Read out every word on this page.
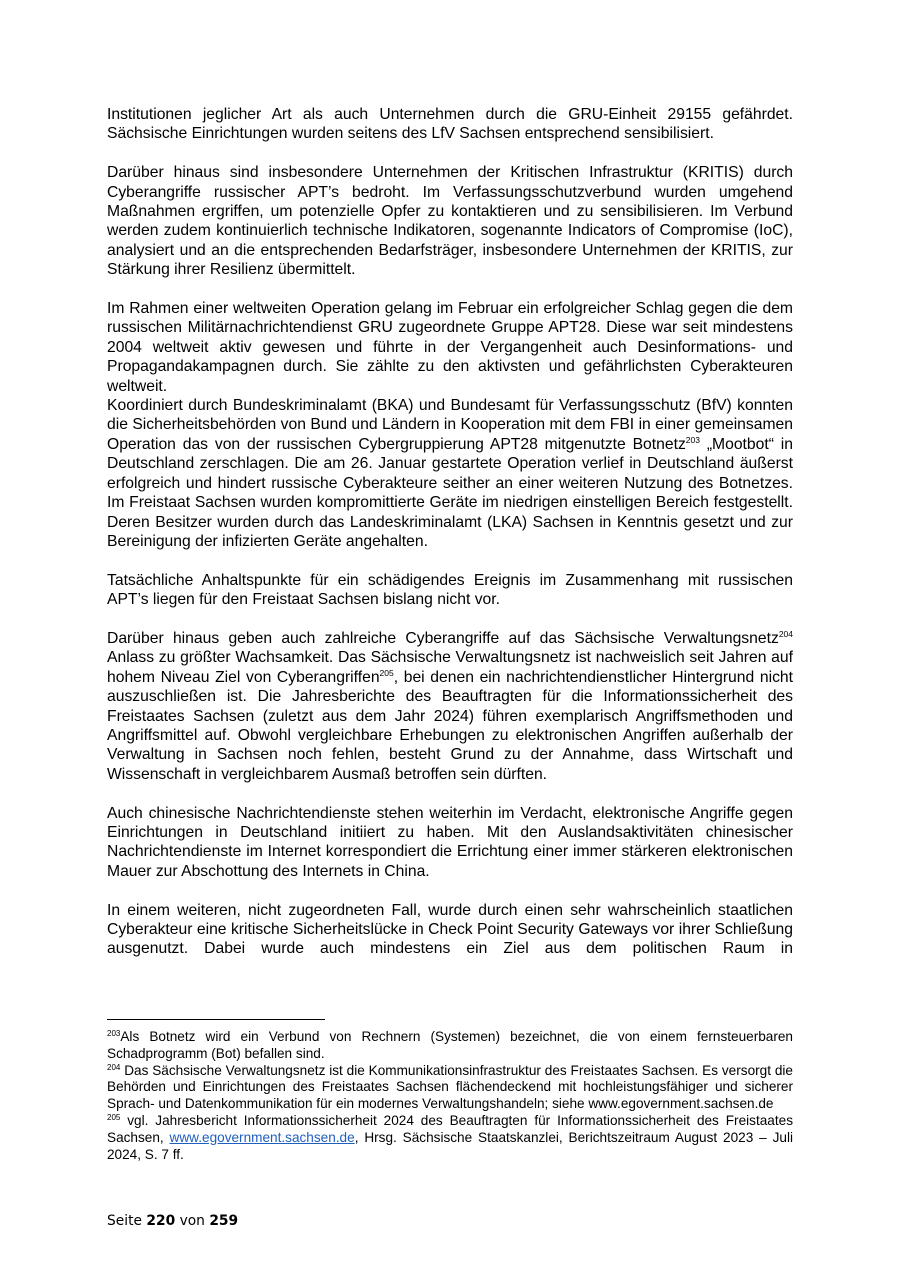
Institutionen jeglicher Art als auch Unternehmen durch die GRU-Einheit 29155 gefährdet. Sächsische Einrichtungen wurden seitens des LfV Sachsen entsprechend sensibilisiert.

Darüber hinaus sind insbesondere Unternehmen der Kritischen Infrastruktur (KRITIS) durch Cyberangriffe russischer APT’s bedroht. Im Verfassungsschutzverbund wurden umgehend Maßnahmen ergriffen, um potenzielle Opfer zu kontaktieren und zu sensibilisieren. Im Verbund werden zudem kontinuierlich technische Indikatoren, sogenannte Indicators of Compromise (IoC), analysiert und an die entsprechenden Bedarfsträger, insbesondere Unternehmen der KRITIS, zur Stärkung ihrer Resilienz übermittelt.

Im Rahmen einer weltweiten Operation gelang im Februar ein erfolgreicher Schlag gegen die dem russischen Militärnachrichtendienst GRU zugeordnete Gruppe APT28. Diese war seit mindestens 2004 weltweit aktiv gewesen und führte in der Vergangenheit auch Desinformations- und Propagandakampagnen durch. Sie zählte zu den aktivsten und gefährlichsten Cyberakteuren weltweit.

Koordiniert durch Bundeskriminalamt (BKA) und Bundesamt für Verfassungsschutz (BfV) konnten die Sicherheitsbehörden von Bund und Ländern in Kooperation mit dem FBI in einer gemeinsamen Operation das von der russischen Cybergruppierung APT28 mitgenutzte Botnetz$^{203}$ „Mootbot“ in Deutschland zerschlagen. Die am 26. Januar gestartete Operation verlief in Deutschland äußerst erfolgreich und hindert russische Cyberakteure seither an einer weiteren Nutzung des Botnetzes. Im Freistaat Sachsen wurden kompromittierte Geräte im niedrigen einstelligen Bereich festgestellt. Deren Besitzer wurden durch das Landeskriminalamt (LKA) Sachsen in Kenntnis gesetzt und zur Bereinigung der infizierten Geräte angehalten.

Tatsächliche Anhaltspunkte für ein schädigendes Ereignis im Zusammenhang mit russischen APT’s liegen für den Freistaat Sachsen bislang nicht vor.

Darüber hinaus geben auch zahlreiche Cyberangriffe auf das Sächsische Verwaltungsnetz$^{204}$ Anlass zu größter Wachsamkeit. Das Sächsische Verwaltungsnetz ist nachweislich seit Jahren auf hohem Niveau Ziel von Cyberangriffen$^{205}$, bei denen ein nachrichtendienstlicher Hintergrund nicht auszuschließen ist. Die Jahresberichte des Beauftragten für die Informationssicherheit des Freistaates Sachsen (zuletzt aus dem Jahr 2024) führen exemplarisch Angriffsmethoden und Angriffsmittel auf. Obwohl vergleichbare Erhebungen zu elektronischen Angriffen außerhalb der Verwaltung in Sachsen noch fehlen, besteht Grund zu der Annahme, dass Wirtschaft und Wissenschaft in vergleichbarem Ausmaß betroffen sein dürften.

Auch chinesische Nachrichtendienste stehen weiterhin im Verdacht, elektronische Angriffe gegen Einrichtungen in Deutschland initiiert zu haben. Mit den Auslandsaktivitäten chinesischer Nachrichtendienste im Internet korrespondiert die Errichtung einer immer stärkeren elektronischen Mauer zur Abschottung des Internets in China.

In einem weiteren, nicht zugeordneten Fall, wurde durch einen sehr wahrscheinlich staatlichen Cyberakteur eine kritische Sicherheitslücke in Check Point Security Gateways vor ihrer Schließung ausgenutzt. Dabei wurde auch mindestens ein Ziel aus dem politischen Raum in

$^{203}$Als Botnetz wird ein Verbund von Rechnern (Systemen) bezeichnet, die von einem fernsteuerbaren Schadprogramm (Bot) befallen sind.

$^{204}$ Das Sächsische Verwaltungsnetz ist die Kommunikationsinfrastruktur des Freistaates Sachsen. Es versorgt die Behörden und Einrichtungen des Freistaates Sachsen flächendeckend mit hochleistungsfähiger und sicherer Sprach- und Datenkommunikation für ein modernes Verwaltungshandeln; siehe www.egovernment.sachsen.de

$^{205}$ vgl. Jahresbericht Informationssicherheit 2024 des Beauftragten für Informationssicherheit des Freistaates Sachsen, www.egovernment.sachsen.de, Hrsg. Sächsische Staatskanzlei, Berichtszeitraum August 2023 – Juli 2024, S. 7 ff.

Seite 220 von 259
